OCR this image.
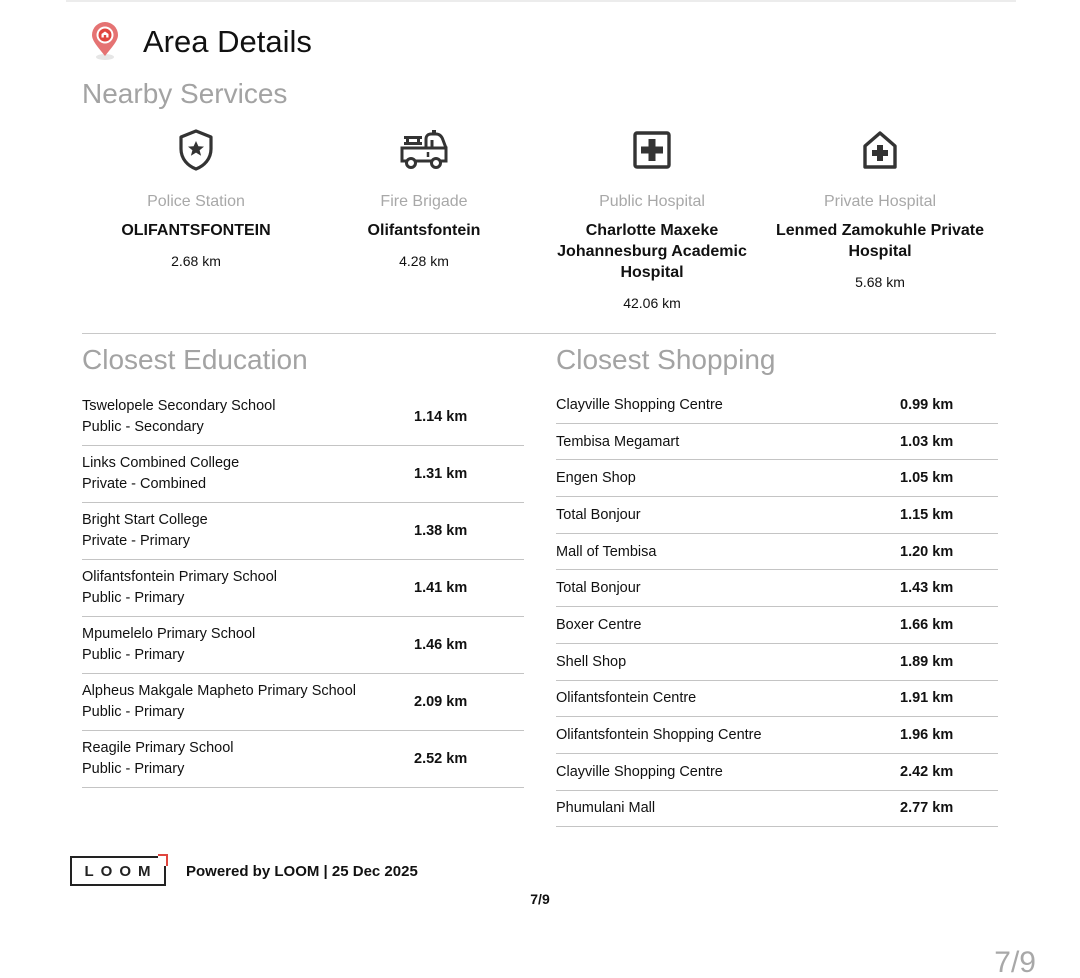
Area Details
Nearby Services
Police Station
OLIFANTSFONTEIN
2.68 km
Fire Brigade
Olifantsfontein
4.28 km
Public Hospital
Charlotte Maxeke Johannesburg Academic Hospital
42.06 km
Private Hospital
Lenmed Zamokuhle Private Hospital
5.68 km
Closest Education
Tswelopele Secondary School
Public - Secondary
1.14 km
Links Combined College
Private - Combined
1.31 km
Bright Start College
Private - Primary
1.38 km
Olifantsfontein Primary School
Public - Primary
1.41 km
Mpumelelo Primary School
Public - Primary
1.46 km
Alpheus Makgale Mapheto Primary School
Public - Primary
2.09 km
Reagile Primary School
Public - Primary
2.52 km
Closest Shopping
Clayville Shopping Centre	0.99 km
Tembisa Megamart	1.03 km
Engen Shop	1.05 km
Total Bonjour	1.15 km
Mall of Tembisa	1.20 km
Total Bonjour	1.43 km
Boxer Centre	1.66 km
Shell Shop	1.89 km
Olifantsfontein Centre	1.91 km
Olifantsfontein Shopping Centre	1.96 km
Clayville Shopping Centre	2.42 km
Phumulani Mall	2.77 km
LOOM Powered by LOOM | 25 Dec 2025
7/9
7/9
